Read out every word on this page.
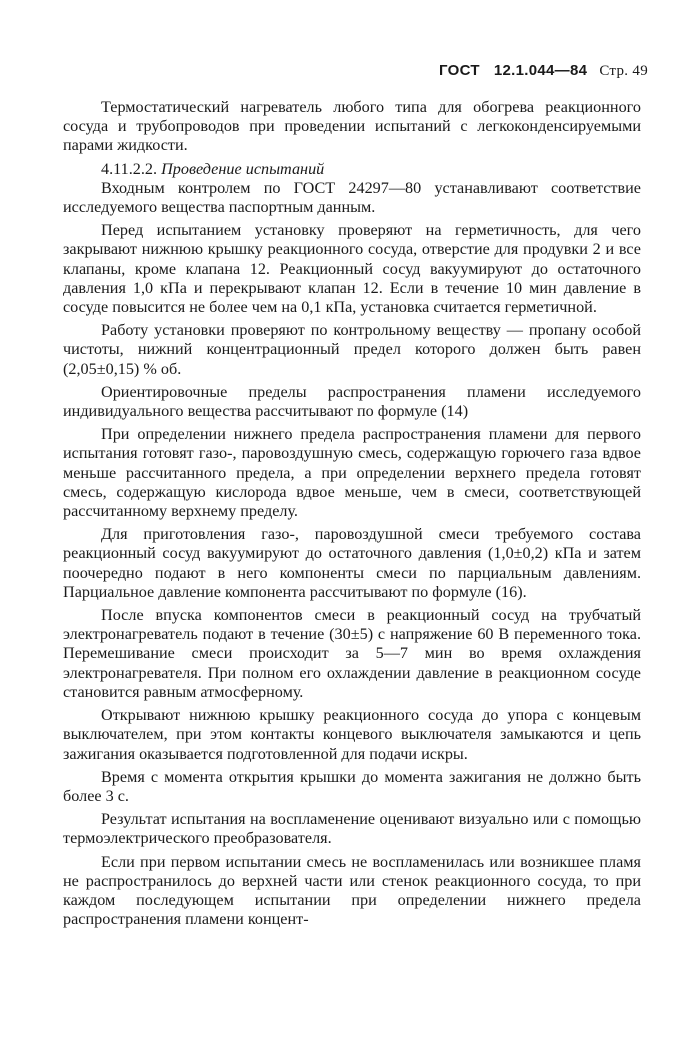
ГОСТ 12.1.044—84 Стр. 49

Термостатический нагреватель любого типа для обогрева реакционного сосуда и трубопроводов при проведении испытаний с легкоконденсируемыми парами жидкости.

4.11.2.2. Проведение испытаний

Входным контролем по ГОСТ 24297—80 устанавливают соответствие исследуемого вещества паспортным данным.

Перед испытанием установку проверяют на герметичность, для чего закрывают нижнюю крышку реакционного сосуда, отверстие для продувки 2 и все клапаны, кроме клапана 12. Реакционный сосуд вакуумируют до остаточного давления 1,0 кПа и перекрывают клапан 12. Если в течение 10 мин давление в сосуде повысится не более чем на 0,1 кПа, установка считается герметичной.

Работу установки проверяют по контрольному веществу — пропану особой чистоты, нижний концентрационный предел которого должен быть равен (2,05±0,15) % об.

Ориентировочные пределы распространения пламени исследуемого индивидуального вещества рассчитывают по формуле (14)

При определении нижнего предела распространения пламени для первого испытания готовят газо-, паровоздушную смесь, содержащую горючего газа вдвое меньше рассчитанного предела, а при определении верхнего предела готовят смесь, содержащую кислорода вдвое меньше, чем в смеси, соответствующей рассчитанному верхнему пределу.

Для приготовления газо-, паровоздушной смеси требуемого состава реакционный сосуд вакуумируют до остаточного давления (1,0±0,2) кПа и затем поочередно подают в него компоненты смеси по парциальным давлениям. Парциальное давление компонента рассчитывают по формуле (16).

После впуска компонентов смеси в реакционный сосуд на трубчатый электронагреватель подают в течение (30±5) с напряжение 60 В переменного тока. Перемешивание смеси происходит за 5—7 мин во время охлаждения электронагревателя. При полном его охлаждении давление в реакционном сосуде становится равным атмосферному.

Открывают нижнюю крышку реакционного сосуда до упора с концевым выключателем, при этом контакты концевого выключателя замыкаются и цепь зажигания оказывается подготовленной для подачи искры.

Время с момента открытия крышки до момента зажигания не должно быть более 3 с.

Результат испытания на воспламенение оценивают визуально или с помощью термоэлектрического преобразователя.

Если при первом испытании смесь не воспламенилась или возникшее пламя не распространилось до верхней части или стенок реакционного сосуда, то при каждом последующем испытании при определении нижнего предела распространения пламени концент-
